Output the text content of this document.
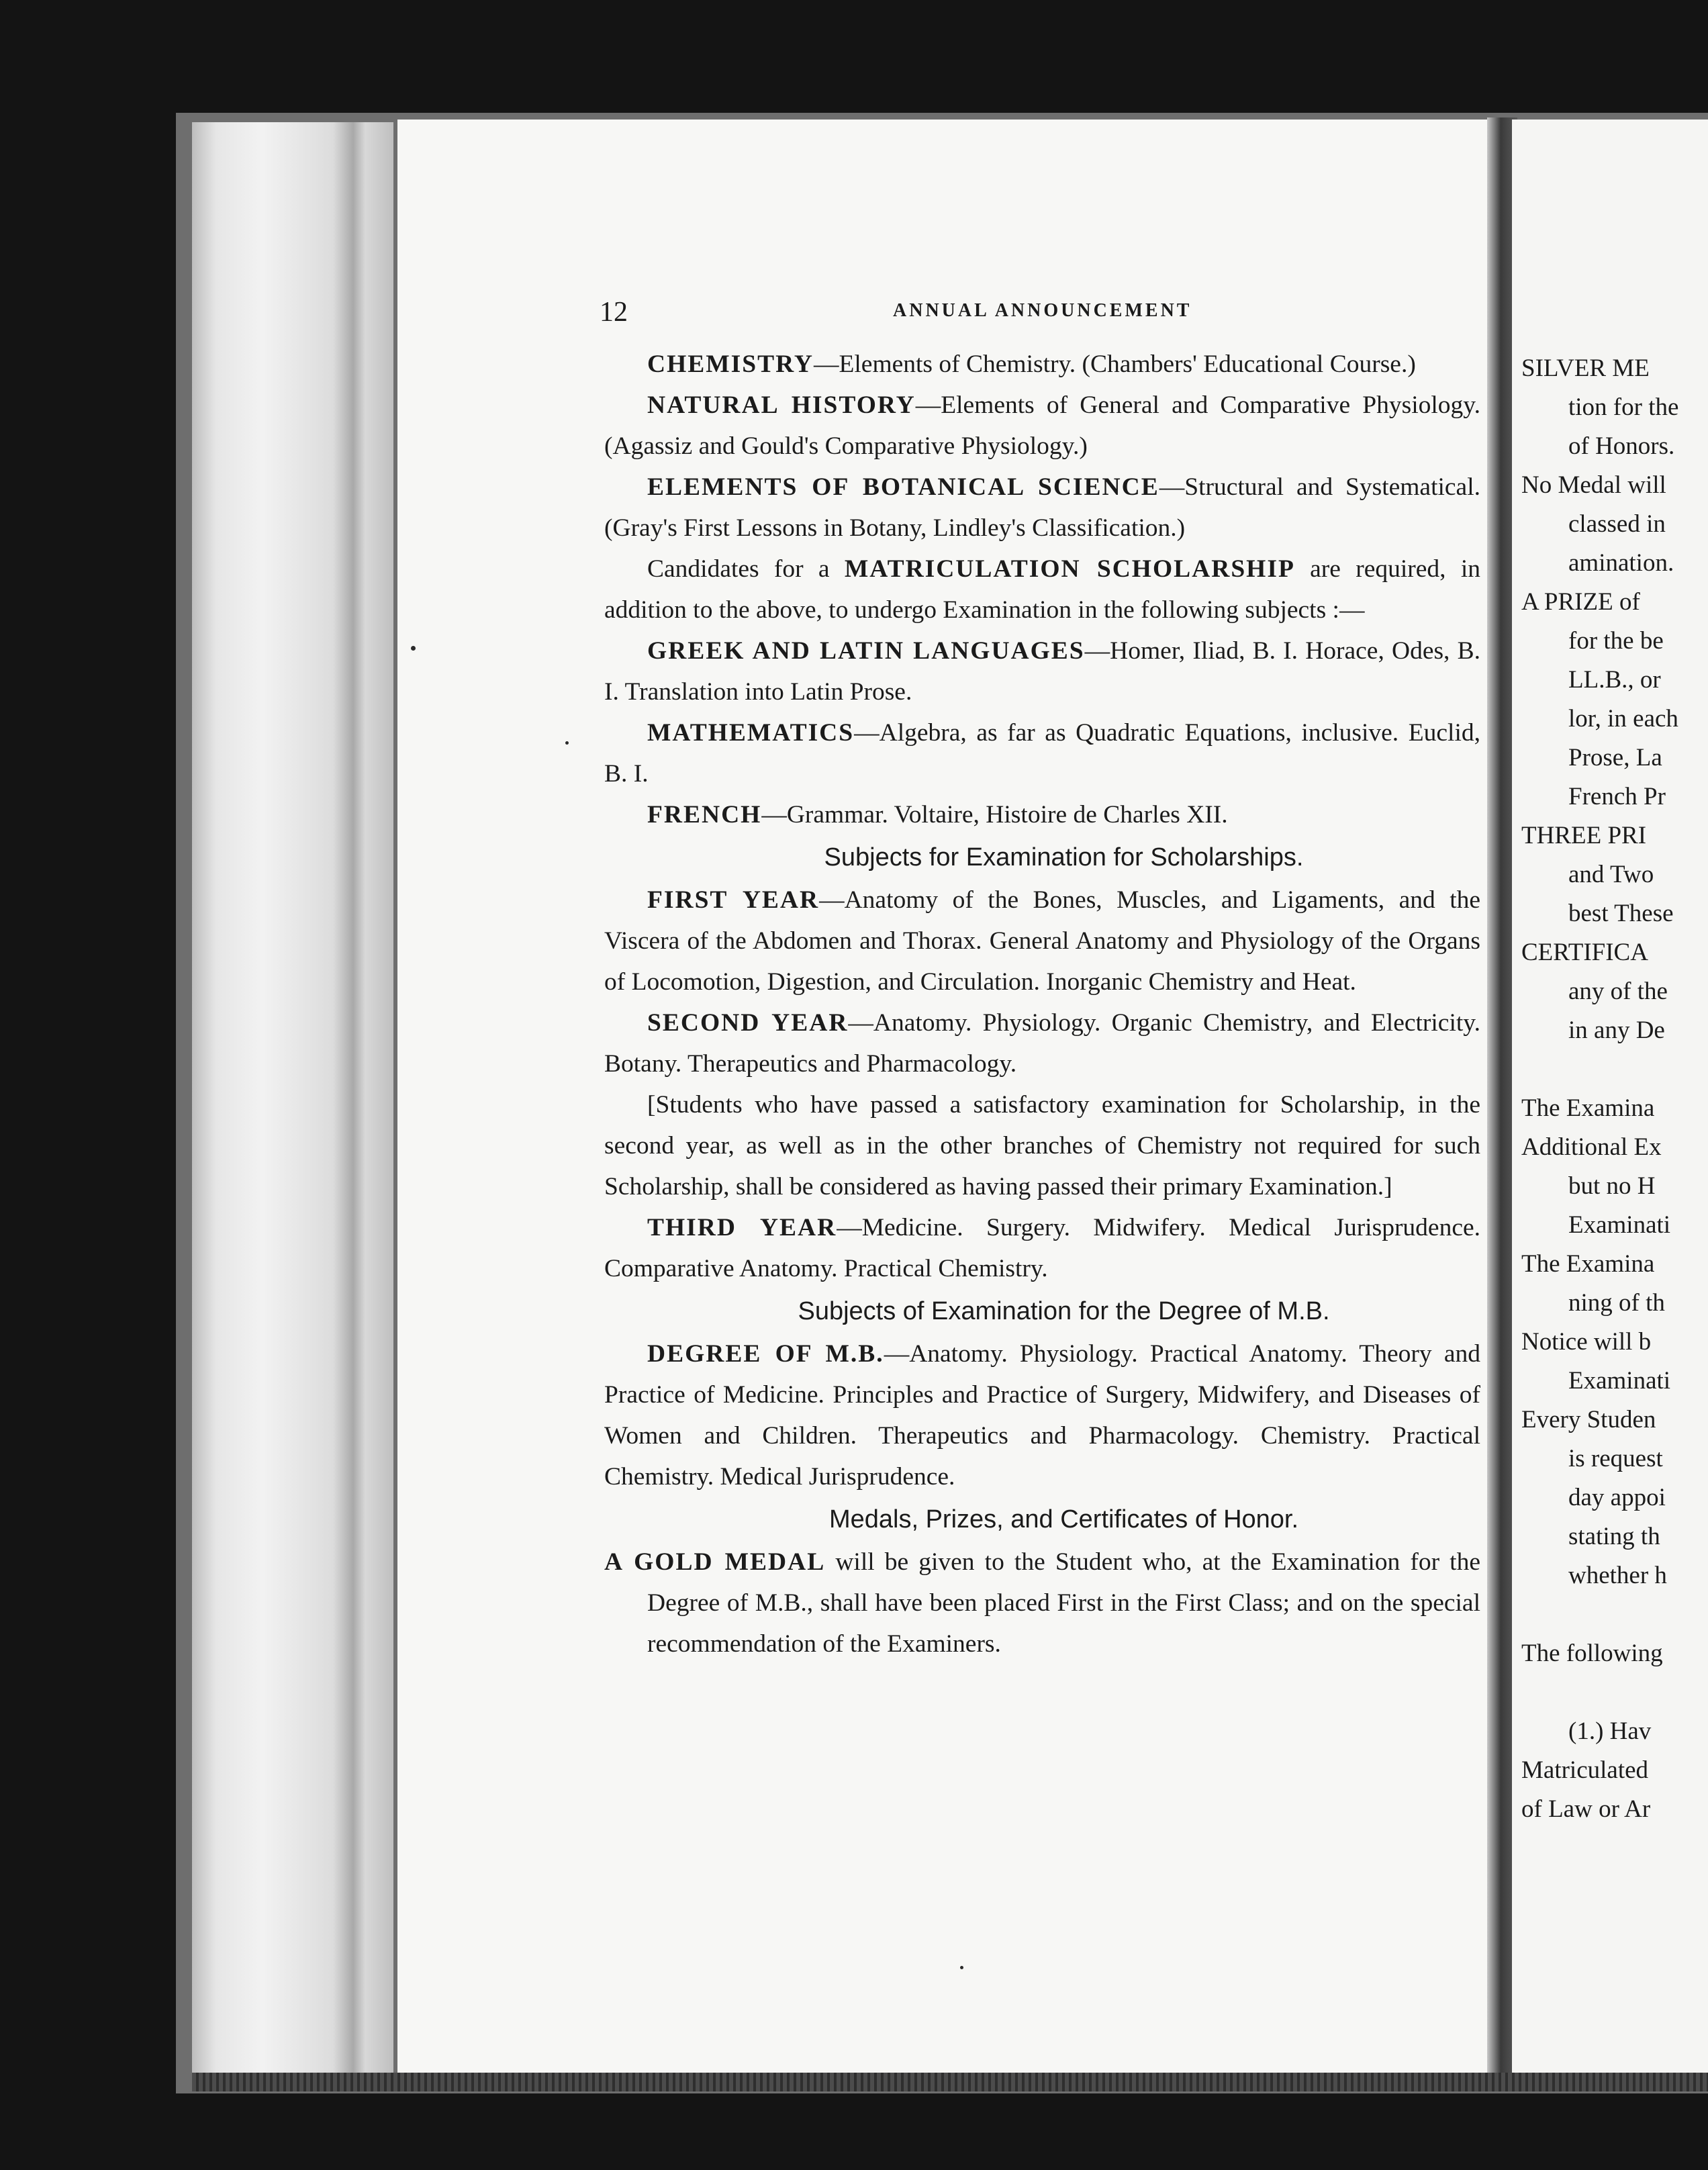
12	ANNUAL ANNOUNCEMENT

CHEMISTRY—Elements of Chemistry. (Chambers' Educational Course.)

NATURAL HISTORY—Elements of General and Comparative Physiology. (Agassiz and Gould's Comparative Physiology.)

ELEMENTS OF BOTANICAL SCIENCE—Structural and Systematical. (Gray's First Lessons in Botany, Lindley's Classification.)

Candidates for a MATRICULATION SCHOLARSHIP are required, in addition to the above, to undergo Examination in the following subjects :—

GREEK AND LATIN LANGUAGES—Homer, Iliad, B. I. Horace, Odes, B. I. Translation into Latin Prose.

MATHEMATICS—Algebra, as far as Quadratic Equations, inclusive. Euclid, B. I.

FRENCH—Grammar. Voltaire, Histoire de Charles XII.

Subjects for Examination for Scholarships.

FIRST YEAR—Anatomy of the Bones, Muscles, and Ligaments, and the Viscera of the Abdomen and Thorax. General Anatomy and Physiology of the Organs of Locomotion, Digestion, and Circulation. Inorganic Chemistry and Heat.

SECOND YEAR—Anatomy. Physiology. Organic Chemistry, and Electricity. Botany. Therapeutics and Pharmacology.

[Students who have passed a satisfactory examination for Scholarship, in the second year, as well as in the other branches of Chemistry not required for such Scholarship, shall be considered as having passed their primary Examination.]

THIRD YEAR—Medicine. Surgery. Midwifery. Medical Jurisprudence. Comparative Anatomy. Practical Chemistry.

Subjects of Examination for the Degree of M.B.

DEGREE OF M.B.—Anatomy. Physiology. Practical Anatomy. Theory and Practice of Medicine. Principles and Practice of Surgery, Midwifery, and Diseases of Women and Children. Therapeutics and Pharmacology. Chemistry. Practical Chemistry. Medical Jurisprudence.

Medals, Prizes, and Certificates of Honor.

A GOLD MEDAL will be given to the Student who, at the Examination for the Degree of M.B., shall have been placed First in the First Class; and on the special recommendation of the Examiners.

SILVER ME
tion for the
of Honors.
No Medal will
classed in
amination.
A PRIZE of
for the be
LL.B., or
lor, in each
Prose, La
French Pr
THREE PRI
and Two
best These
CERTIFICA
any of the
in any De
The Examina
Additional Ex
but no H
Examinati
The Examina
ning of th
Notice will b
Examinati
Every Studen
is request
day appoi
stating th
whether h
The following
(1.) Hav
Matriculated
of Law or Ar
